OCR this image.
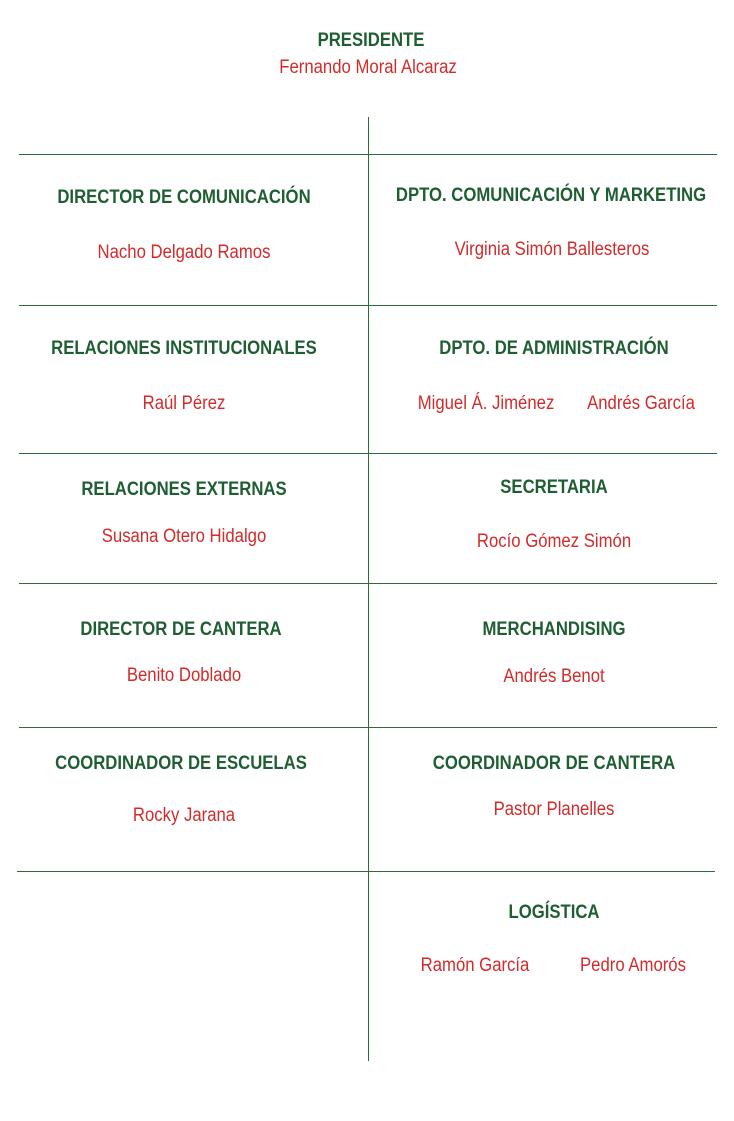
PRESIDENTE
Fernando Moral Alcaraz
DIRECTOR DE COMUNICACIÓN
Nacho Delgado Ramos
RELACIONES INSTITUCIONALES
Raúl Pérez
RELACIONES EXTERNAS
Susana Otero Hidalgo
DIRECTOR DE CANTERA
Benito Doblado
COORDINADOR DE ESCUELAS
Rocky Jarana
DPTO. COMUNICACIÓN Y MARKETING
Virginia Simón Ballesteros
DPTO. DE ADMINISTRACIÓN
Miguel Á. Jiménez Andrés García
SECRETARIA
Rocío Gómez Simón
MERCHANDISING
Andrés Benot
COORDINADOR DE CANTERA
Pastor Planelles
LOGÍSTICA
Ramón García	Pedro Amorós
